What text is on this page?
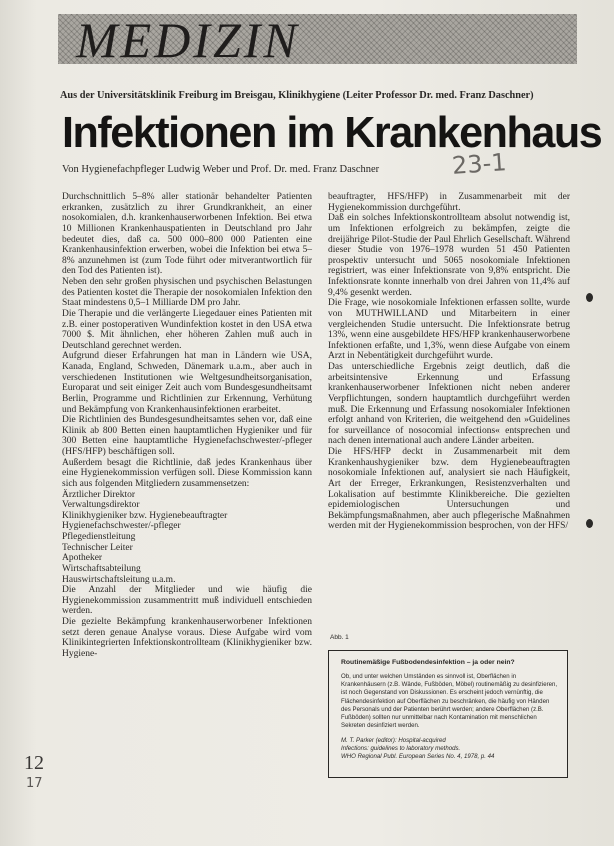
MEDIZIN
Aus der Universitätsklinik Freiburg im Breisgau, Klinikhygiene (Leiter Professor Dr. med. Franz Daschner)
Infektionen im Krankenhaus
Von Hygienefachpfleger Ludwig Weber und Prof. Dr. med. Franz Daschner	23-1

Durchschnittlich 5–8% aller stationär behandelter Patienten erkranken, zusätzlich zu ihrer Grundkrankheit, an einer nosokomialen, d.h. krankenhauserworbenen Infektion. Bei etwa 10 Millionen Krankenhauspatienten in Deutschland pro Jahr bedeutet dies, daß ca. 500 000–800 000 Patienten eine Krankenhausinfektion erwerben, wobei die Infektion bei etwa 5–8% anzunehmen ist (zum Tode führt oder mitverantwortlich für den Tod des Patienten ist).

Neben den sehr großen physischen und psychischen Belastungen des Patienten kostet die Therapie der nosokomialen Infektion den Staat mindestens 0,5–1 Milliarde DM pro Jahr.

Die Therapie und die verlängerte Liegedauer eines Patienten mit z.B. einer postoperativen Wundinfektion kostet in den USA etwa 7000 $. Mit ähnlichen, eher höheren Zahlen muß auch in Deutschland gerechnet werden.

Aufgrund dieser Erfahrungen hat man in Ländern wie USA, Kanada, England, Schweden, Dänemark u.a.m., aber auch in verschiedenen Institutionen wie Weltgesundheitsorganisation, Europarat und seit einiger Zeit auch vom Bundesgesundheitsamt Berlin, Programme und Richtlinien zur Erkennung, Verhütung und Bekämpfung von Krankenhausinfektionen erarbeitet.

Die Richtlinien des Bundesgesundheitsamtes sehen vor, daß eine Klinik ab 800 Betten einen hauptamtlichen Hygieniker und für 300 Betten eine hauptamtliche Hygienefachschwester/-pfleger (HFS/HFP) beschäftigen soll.

Außerdem besagt die Richtlinie, daß jedes Krankenhaus über eine Hygienekommission verfügen soll. Diese Kommission kann sich aus folgenden Mitgliedern zusammensetzen:

Ärztlicher Direktor

Verwaltungsdirektor

Klinikhygieniker bzw. Hygienebeauftragter

Hygienefachschwester/-pfleger

Pflegedienstleitung

Technischer Leiter

Apotheker

Wirtschaftsabteilung

Hauswirtschaftsleitung u.a.m.

Die Anzahl der Mitglieder und wie häufig die Hygienekommission zusammentritt muß individuell entschieden werden.

Die gezielte Bekämpfung krankenhauserworbener Infektionen setzt deren genaue Analyse voraus. Diese Aufgabe wird vom Klinikintegrierten Infektionskontrollteam (Klinikhygieniker bzw. Hygiene-

beauftragter, HFS/HFP) in Zusammenarbeit mit der Hygienekommission durchgeführt.

Daß ein solches Infektionskontrollteam absolut notwendig ist, um Infektionen erfolgreich zu bekämpfen, zeigte die dreijährige Pilot-Studie der Paul Ehrlich Gesellschaft. Während dieser Studie von 1976–1978 wurden 51 450 Patienten prospektiv untersucht und 5065 nosokomiale Infektionen registriert, was einer Infektionsrate von 9,8% entspricht. Die Infektionsrate konnte innerhalb von drei Jahren von 11,4% auf 9,4% gesenkt werden.

Die Frage, wie nosokomiale Infektionen erfassen sollte, wurde von MUTHWILLAND und Mitarbeitern in einer vergleichenden Studie untersucht. Die Infektionsrate betrug 13%, wenn eine ausgebildete HFS/HFP krankenhauserworbene Infektionen erfaßte, und 1,3%, wenn diese Aufgabe von einem Arzt in Nebentätigkeit durchgeführt wurde.

Das unterschiedliche Ergebnis zeigt deutlich, daß die arbeitsintensive Erkennung und Erfassung krankenhauserworbener Infektionen nicht neben anderer Verpflichtungen, sondern hauptamtlich durchgeführt werden muß. Die Erkennung und Erfassung nosokomialer Infektionen erfolgt anhand von Kriterien, die weitgehend den »Guidelines for surveillance of nosocomial infections« entsprechen und nach denen international auch andere Länder arbeiten.

Die HFS/HFP deckt in Zusammenarbeit mit dem Krankenhaushygieniker bzw. dem Hygienebeauftragten nosokomiale Infektionen auf, analysiert sie nach Häufigkeit, Art der Erreger, Erkrankungen, Resistenzverhalten und Lokalisation auf bestimmte Klinikbereiche. Die gezielten epidemiologischen Untersuchungen und Bekämpfungsmaßnahmen, aber auch pflegerische Maßnahmen werden mit der Hygienekommission besprochen, von der HFS/

Abb. 1
Routinemäßige Fußbodendesinfektion – ja oder nein?

Ob, und unter welchen Umständen es sinnvoll ist, Oberflächen in Krankenhäusern (z.B. Wände, Fußböden, Möbel) routinemäßig zu desinfizieren, ist noch Gegenstand von Diskussionen. Es erscheint jedoch vernünftig, die Flächendesinfektion auf Oberflächen zu beschränken, die häufig von Händen des Personals und der Patienten berührt werden; andere Oberflächen (z.B. Fußböden) sollten nur unmittelbar nach Kontamination mit menschlichen Sekreten desinfiziert werden.

M. T. Parker (editor): Hospital-acquired

Infections: guidelines to laboratory methods.

WHO Regional Publ. European Series No. 4, 1978, p. 44

12
17
